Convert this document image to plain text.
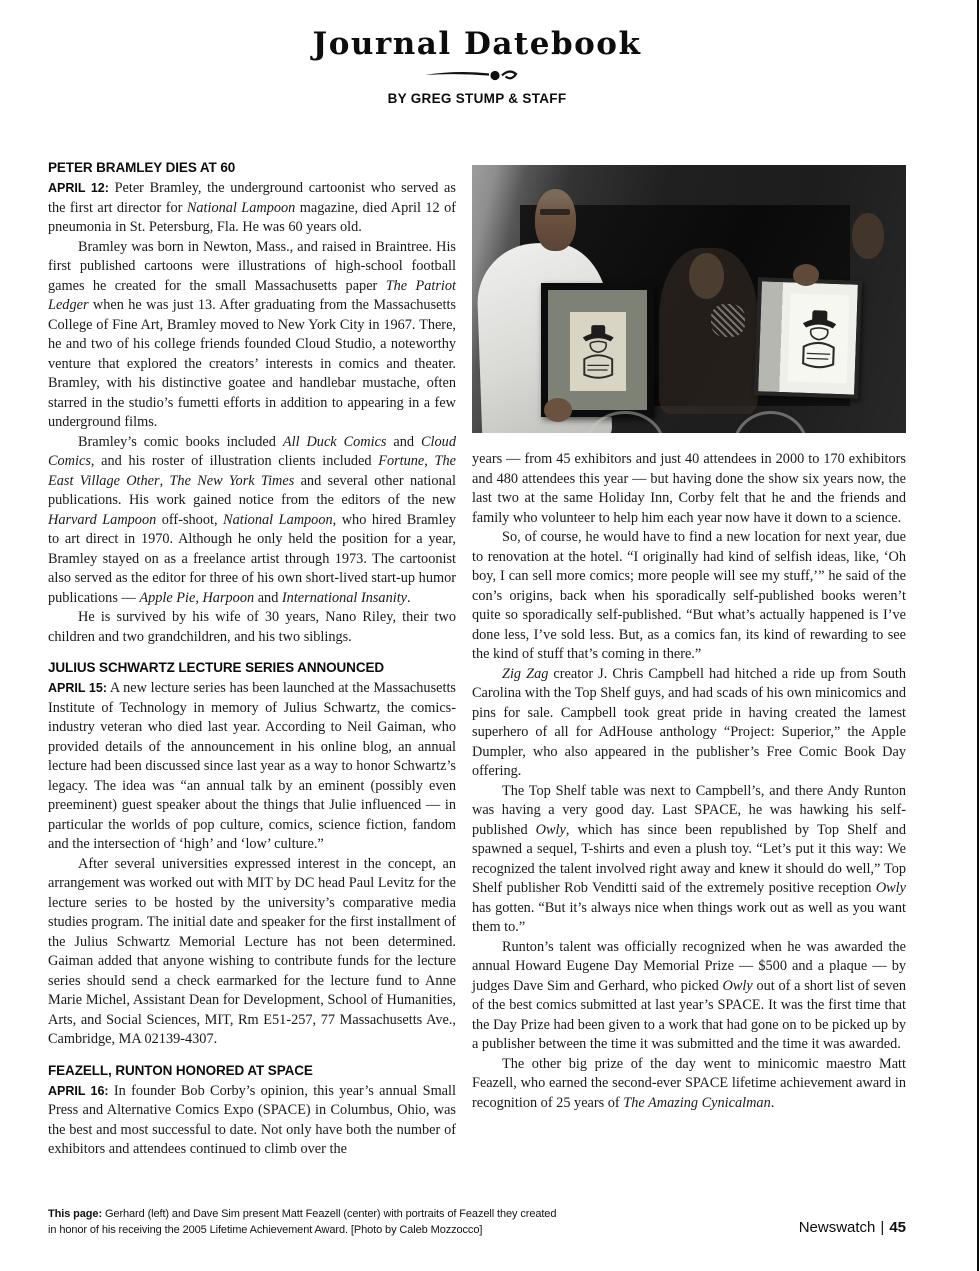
Journal Datebook
BY GREG STUMP & STAFF
PETER BRAMLEY DIES AT 60

APRIL 12: Peter Bramley, the underground cartoonist who served as the first art director for National Lampoon magazine, died April 12 of pneumonia in St. Petersburg, Fla. He was 60 years old.

Bramley was born in Newton, Mass., and raised in Braintree. His first published cartoons were illustrations of high-school football games he created for the small Massachusetts paper The Patriot Ledger when he was just 13. After graduating from the Massachusetts College of Fine Art, Bramley moved to New York City in 1967. There, he and two of his college friends founded Cloud Studio, a noteworthy venture that explored the creators’ interests in comics and theater. Bramley, with his distinctive goatee and handlebar mustache, often starred in the studio’s fumetti efforts in addition to appearing in a few underground films.

Bramley’s comic books included All Duck Comics and Cloud Comics, and his roster of illustration clients included Fortune, The East Village Other, The New York Times and several other national publications. His work gained notice from the editors of the new Harvard Lampoon off-shoot, National Lampoon, who hired Bramley to art direct in 1970. Although he only held the position for a year, Bramley stayed on as a freelance artist through 1973. The cartoonist also served as the editor for three of his own short-lived start-up humor publications — Apple Pie, Harpoon and International Insanity.

He is survived by his wife of 30 years, Nano Riley, their two children and two grandchildren, and his two siblings.

JULIUS SCHWARTZ LECTURE SERIES ANNOUNCED

APRIL 15: A new lecture series has been launched at the Massachusetts Institute of Technology in memory of Julius Schwartz, the comics-industry veteran who died last year. According to Neil Gaiman, who provided details of the announcement in his online blog, an annual lecture had been discussed since last year as a way to honor Schwartz’s legacy. The idea was “an annual talk by an eminent (possibly even preeminent) guest speaker about the things that Julie influenced — in particular the worlds of pop culture, comics, science fiction, fandom and the intersection of ‘high’ and ‘low’ culture.”

After several universities expressed interest in the concept, an arrangement was worked out with MIT by DC head Paul Levitz for the lecture series to be hosted by the university’s comparative media studies program. The initial date and speaker for the first installment of the Julius Schwartz Memorial Lecture has not been determined. Gaiman added that anyone wishing to contribute funds for the lecture series should send a check earmarked for the lecture fund to Anne Marie Michel, Assistant Dean for Development, School of Humanities, Arts, and Social Sciences, MIT, Rm E51-257, 77 Massachusetts Ave., Cambridge, MA 02139-4307.

FEAZELL, RUNTON HONORED AT SPACE

APRIL 16: In founder Bob Corby’s opinion, this year’s annual Small Press and Alternative Comics Expo (SPACE) in Columbus, Ohio, was the best and most successful to date. Not only have both the number of exhibitors and attendees continued to climb over the

years — from 45 exhibitors and just 40 attendees in 2000 to 170 exhibitors and 480 attendees this year — but having done the show six years now, the last two at the same Holiday Inn, Corby felt that he and the friends and family who volunteer to help him each year now have it down to a science.

So, of course, he would have to find a new location for next year, due to renovation at the hotel. “I originally had kind of selfish ideas, like, ‘Oh boy, I can sell more comics; more people will see my stuff,’” he said of the con’s origins, back when his sporadically self-published books weren’t quite so sporadically self-published. “But what’s actually happened is I’ve done less, I’ve sold less. But, as a comics fan, its kind of rewarding to see the kind of stuff that’s coming in there.”

Zig Zag creator J. Chris Campbell had hitched a ride up from South Carolina with the Top Shelf guys, and had scads of his own minicomics and pins for sale. Campbell took great pride in having created the lamest superhero of all for AdHouse anthology “Project: Superior,” the Apple Dumpler, who also appeared in the publisher’s Free Comic Book Day offering.

The Top Shelf table was next to Campbell’s, and there Andy Runton was having a very good day. Last SPACE, he was hawking his self-published Owly, which has since been republished by Top Shelf and spawned a sequel, T-shirts and even a plush toy. “Let’s put it this way: We recognized the talent involved right away and knew it should do well,” Top Shelf publisher Rob Venditti said of the extremely positive reception Owly has gotten. “But it’s always nice when things work out as well as you want them to.”

Runton’s talent was officially recognized when he was awarded the annual Howard Eugene Day Memorial Prize — $500 and a plaque — by judges Dave Sim and Gerhard, who picked Owly out of a short list of seven of the best comics submitted at last year’s SPACE. It was the first time that the Day Prize had been given to a work that had gone on to be picked up by a publisher between the time it was submitted and the time it was awarded.

The other big prize of the day went to minicomic maestro Matt Feazell, who earned the second-ever SPACE lifetime achievement award in recognition of 25 years of The Amazing Cynicalman.

This page: Gerhard (left) and Dave Sim present Matt Feazell (center) with portraits of Feazell they created
in honor of his receiving the 2005 Lifetime Achievement Award. [Photo by Caleb Mozzocco]	Newswatch | 45
